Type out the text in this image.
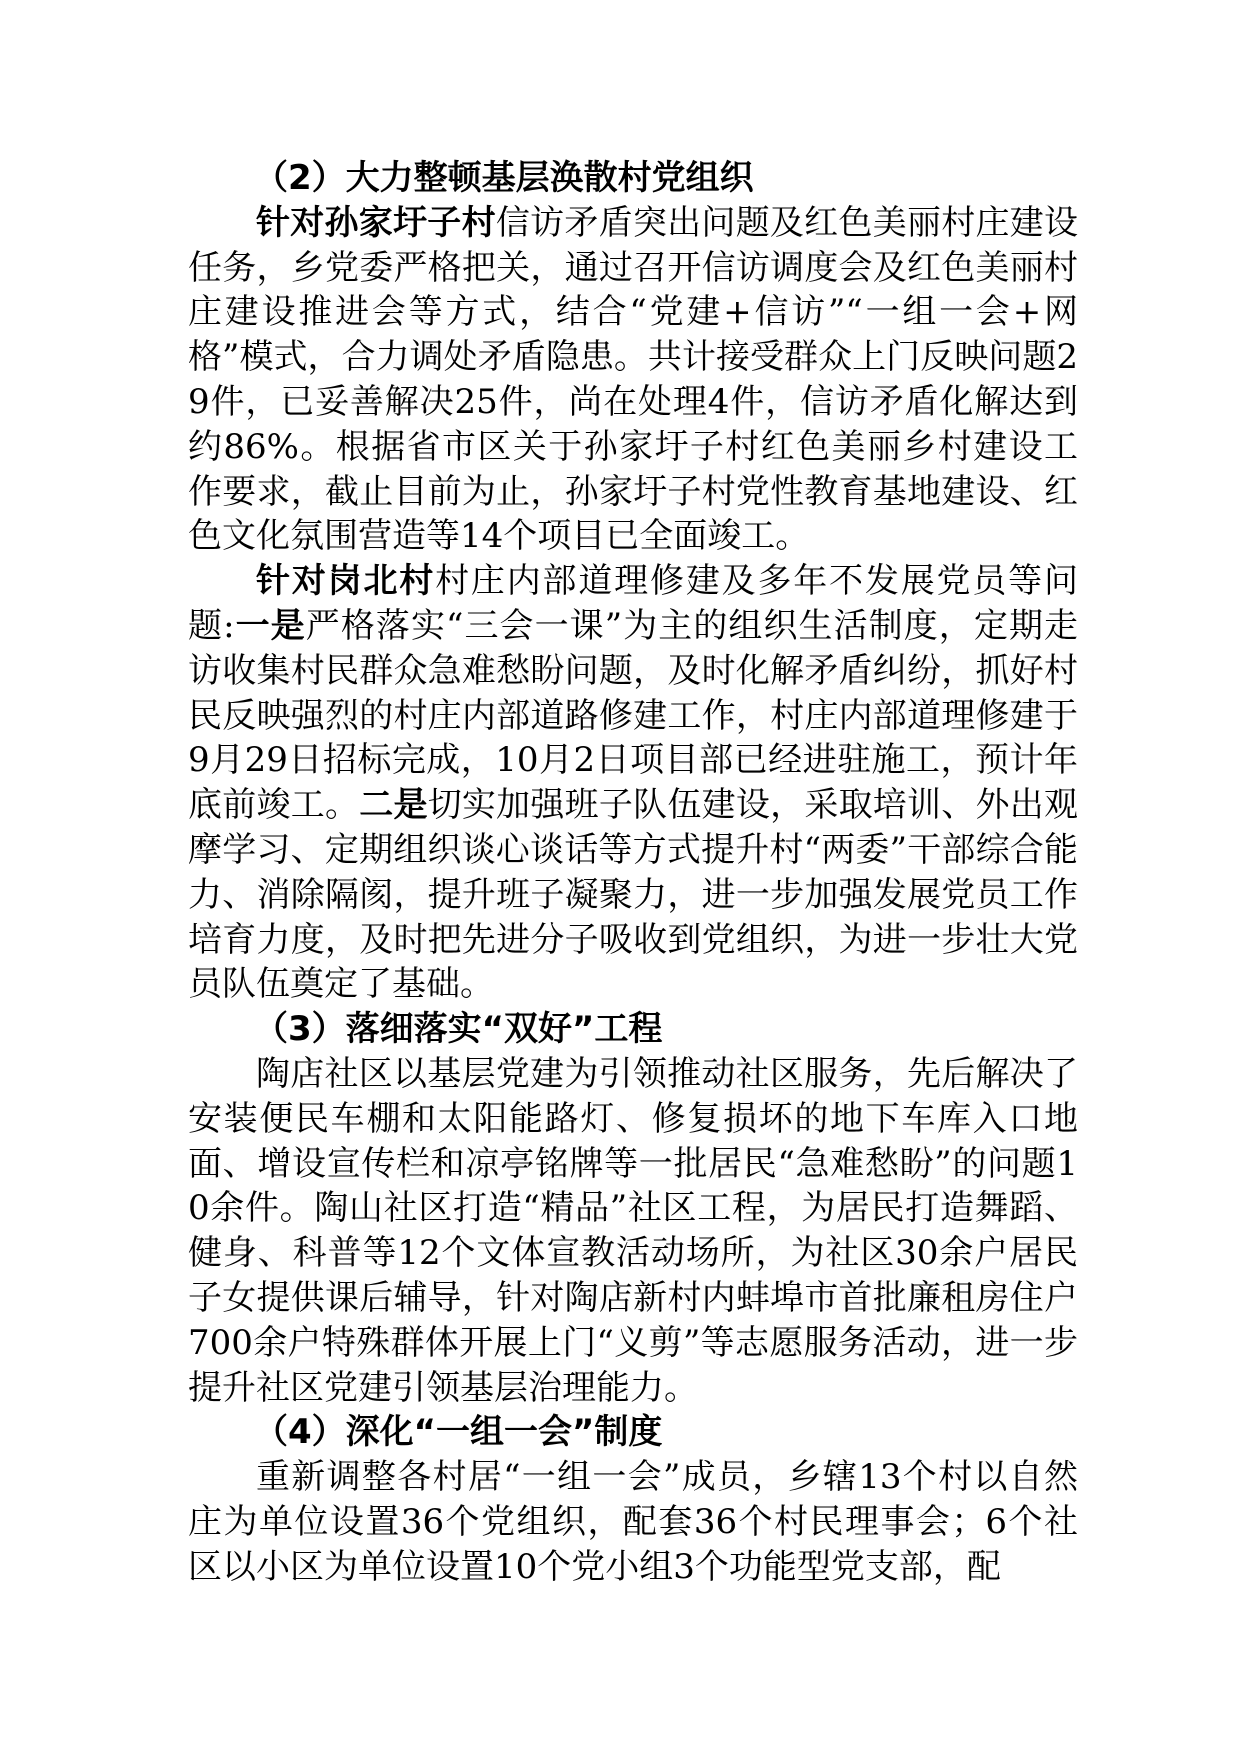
（2）大力整顿基层涣散村党组织

针对孙家圩子村信访矛盾突出问题及红色美丽村庄建设任务，乡党委严格把关，通过召开信访调度会及红色美丽村庄建设推进会等方式，结合“党建+信访”“一组一会+网格”模式，合力调处矛盾隐患。共计接受群众上门反映问题29件，已妥善解决25件，尚在处理4件，信访矛盾化解达到约86%。根据省市区关于孙家圩子村红色美丽乡村建设工作要求，截止目前为止，孙家圩子村党性教育基地建设、红色文化氛围营造等14个项目已全面竣工。

针对岗北村村庄内部道理修建及多年不发展党员等问题:一是严格落实“三会一课”为主的组织生活制度，定期走访收集村民群众急难愁盼问题，及时化解矛盾纠纷，抓好村民反映强烈的村庄内部道路修建工作，村庄内部道理修建于9月29日招标完成，10月2日项目部已经进驻施工，预计年底前竣工。二是切实加强班子队伍建设，采取培训、外出观摩学习、定期组织谈心谈话等方式提升村“两委”干部综合能力、消除隔阂，提升班子凝聚力，进一步加强发展党员工作培育力度，及时把先进分子吸收到党组织，为进一步壮大党员队伍奠定了基础。

（3）落细落实“双好”工程

陶店社区以基层党建为引领推动社区服务，先后解决了安装便民车棚和太阳能路灯、修复损坏的地下车库入口地面、增设宣传栏和凉亭铭牌等一批居民“急难愁盼”的问题10余件。陶山社区打造“精品”社区工程，为居民打造舞蹈、健身、科普等12个文体宣教活动场所，为社区30余户居民子女提供课后辅导，针对陶店新村内蚌埠市首批廉租房住户700余户特殊群体开展上门“义剪”等志愿服务活动，进一步提升社区党建引领基层治理能力。

（4）深化“一组一会”制度

重新调整各村居“一组一会”成员，乡辖13个村以自然庄为单位设置36个党组织，配套36个村民理事会；6个社区以小区为单位设置10个党小组3个功能型党支部，配
